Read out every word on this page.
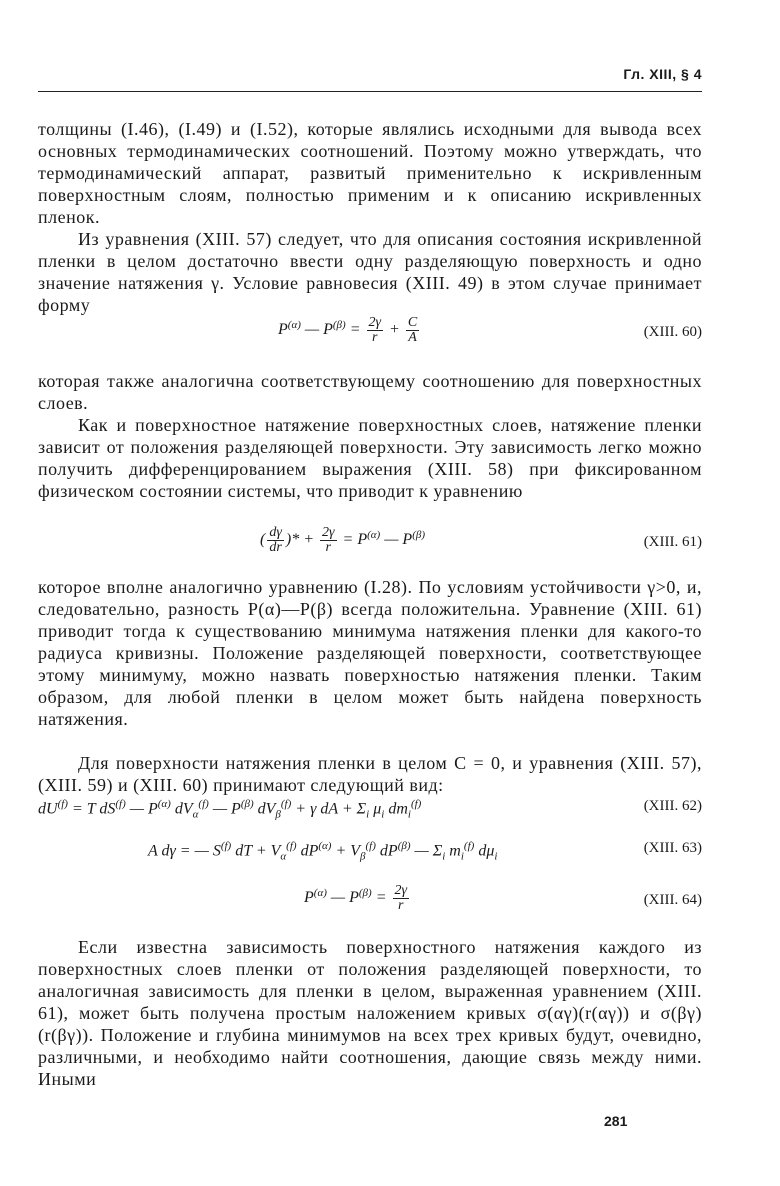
Гл. XIII, § 4

толщины (I.46), (I.49) и (I.52), которые являлись исходными для вывода всех основных термодинамических соотношений. Поэтому можно утверждать, что термодинамический аппарат, развитый применительно к искривленным поверхностным слоям, полностью применим и к описанию искривленных пленок.

Из уравнения (XIII. 57) следует, что для описания состояния искривленной пленки в целом достаточно ввести одну разделяющую поверхность и одно значение натяжения γ. Условие равновесия (XIII. 49) в этом случае принимает форму

$P^{(\alpha)}$ — $P^{(\beta)} = \frac{2\gamma}{r} + \frac{C}{A}$	(XIII. 60)

которая также аналогична соответствующему соотношению для поверхностных слоев.

Как и поверхностное натяжение поверхностных слоев, натяжение пленки зависит от положения разделяющей поверхности. Эту зависимость легко можно получить дифференцированием выражения (XIII. 58) при фиксированном физическом состоянии системы, что приводит к уравнению

( $\frac{d\gamma}{dr}$ )* + $\frac{2\gamma}{r} = P^{(\alpha)}$ — $P^{(\beta)}$	(XIII. 61)

которое вполне аналогично уравнению (I.28). По условиям устойчивости γ>0, и, следовательно, разность P(α)—P(β) всегда положительна. Уравнение (XIII. 61) приводит тогда к существованию минимума натяжения пленки для какого-то радиуса кривизны. Положение разделяющей поверхности, соответствующее этому минимуму, можно назвать поверхностью натяжения пленки. Таким образом, для любой пленки в целом может быть найдена поверхность натяжения.

Для поверхности натяжения пленки в целом C = 0, и уравнения (XIII. 57), (XIII. 59) и (XIII. 60) принимают следующий вид:

$dU^{(f)} = T$ $dS^{(f)}$ — $P^{(\alpha)}$ $dV_\alpha^{(f)}$ — $P^{(\beta)}$ $dV_\beta^{(f)} + \gamma$ dA + $\Sigma_i$ $\mu_i$ $dm_i^{(f)}$	(XIII. 62)
A dγ = — $S^{(f)}$ dT + $V_\alpha^{(f)}$ $dP^{(\alpha)} + V_\beta^{(f)}$ $dP^{(\beta)}$ — $\Sigma_i$ $m_i^{(f)}$ $d\mu_i$
(XIII. 63)
$P^{(\alpha)}$ — $P^{(\beta)} = \frac{2\gamma}{r}$	(XIII. 64)

Если известна зависимость поверхностного натяжения каждого из поверхностных слоев пленки от положения разделяющей поверхности, то аналогичная зависимость для пленки в целом, выраженная уравнением (XIII. 61), может быть получена простым наложением кривых σ(αγ)(r(αγ)) и σ(βγ)(r(βγ)). Положение и глубина минимумов на всех трех кривых будут, очевидно, различными, и необходимо найти соотношения, дающие связь между ними. Иными

281
